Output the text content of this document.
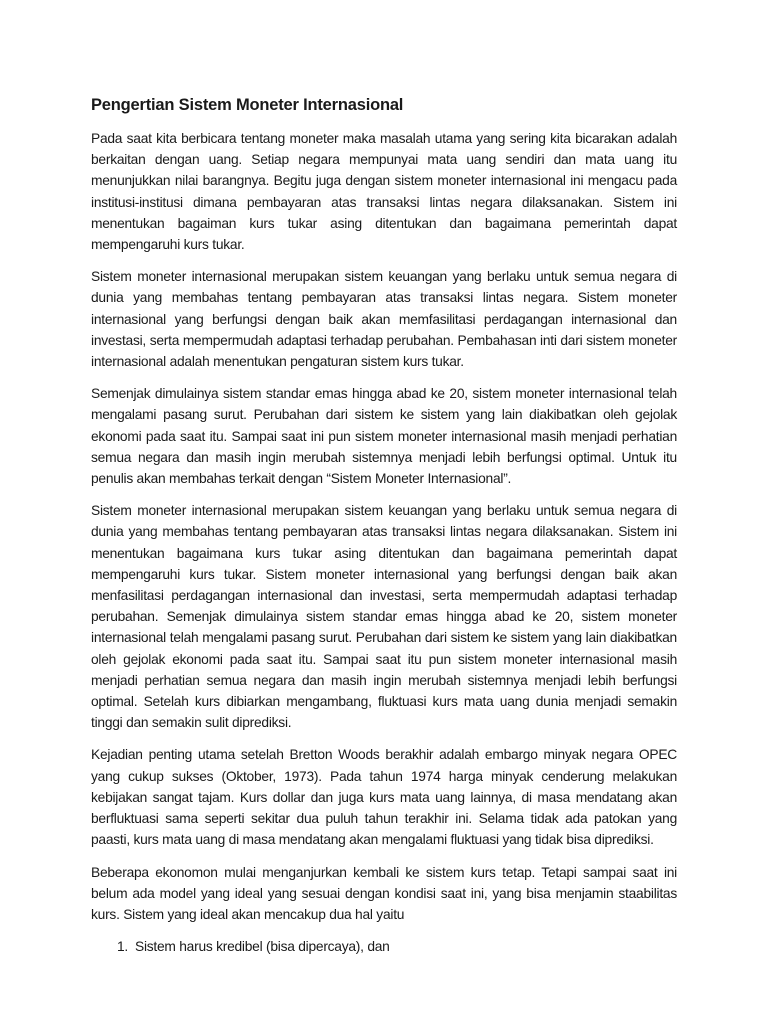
Pengertian Sistem Moneter Internasional

Pada saat kita berbicara tentang moneter maka masalah utama yang sering kita bicarakan adalah berkaitan dengan uang. Setiap negara mempunyai mata uang sendiri dan mata uang itu menunjukkan nilai barangnya. Begitu juga dengan sistem moneter internasional ini mengacu pada institusi-institusi dimana pembayaran atas transaksi lintas negara dilaksanakan. Sistem ini menentukan bagaiman kurs tukar asing ditentukan dan bagaimana pemerintah dapat mempengaruhi kurs tukar.

Sistem moneter internasional merupakan sistem keuangan yang berlaku untuk semua negara di dunia yang membahas tentang pembayaran atas transaksi lintas negara. Sistem moneter internasional yang berfungsi dengan baik akan memfasilitasi perdagangan internasional dan investasi, serta mempermudah adaptasi terhadap perubahan. Pembahasan inti dari sistem moneter internasional adalah menentukan pengaturan sistem kurs tukar.

Semenjak dimulainya sistem standar emas hingga abad ke 20, sistem moneter internasional telah mengalami pasang surut. Perubahan dari sistem ke sistem yang lain diakibatkan oleh gejolak ekonomi pada saat itu. Sampai saat ini pun sistem moneter internasional masih menjadi perhatian semua negara dan masih ingin merubah sistemnya menjadi lebih berfungsi optimal. Untuk itu penulis akan membahas terkait dengan “Sistem Moneter Internasional”.

Sistem moneter internasional merupakan sistem keuangan yang berlaku untuk semua negara di dunia yang membahas tentang pembayaran atas transaksi lintas negara dilaksanakan. Sistem ini menentukan bagaimana kurs tukar asing ditentukan dan bagaimana pemerintah dapat mempengaruhi kurs tukar. Sistem moneter internasional yang berfungsi dengan baik akan menfasilitasi perdagangan internasional dan investasi, serta mempermudah adaptasi terhadap perubahan. Semenjak dimulainya sistem standar emas hingga abad ke 20, sistem moneter internasional telah mengalami pasang surut. Perubahan dari sistem ke sistem yang lain diakibatkan oleh gejolak ekonomi pada saat itu. Sampai saat itu pun sistem moneter internasional masih menjadi perhatian semua negara dan masih ingin merubah sistemnya menjadi lebih berfungsi optimal. Setelah kurs dibiarkan mengambang, fluktuasi kurs mata uang dunia menjadi semakin tinggi dan semakin sulit diprediksi.

Kejadian penting utama setelah Bretton Woods berakhir adalah embargo minyak negara OPEC yang cukup sukses (Oktober, 1973). Pada tahun 1974 harga minyak cenderung melakukan kebijakan sangat tajam. Kurs dollar dan juga kurs mata uang lainnya, di masa mendatang akan berfluktuasi sama seperti sekitar dua puluh tahun terakhir ini. Selama tidak ada patokan yang paasti, kurs mata uang di masa mendatang akan mengalami fluktuasi yang tidak bisa diprediksi.

Beberapa ekonomon mulai menganjurkan kembali ke sistem kurs tetap. Tetapi sampai saat ini belum ada model yang ideal yang sesuai dengan kondisi saat ini, yang bisa menjamin staabilitas kurs. Sistem yang ideal akan mencakup dua hal yaitu

1. Sistem harus kredibel (bisa dipercaya), dan
